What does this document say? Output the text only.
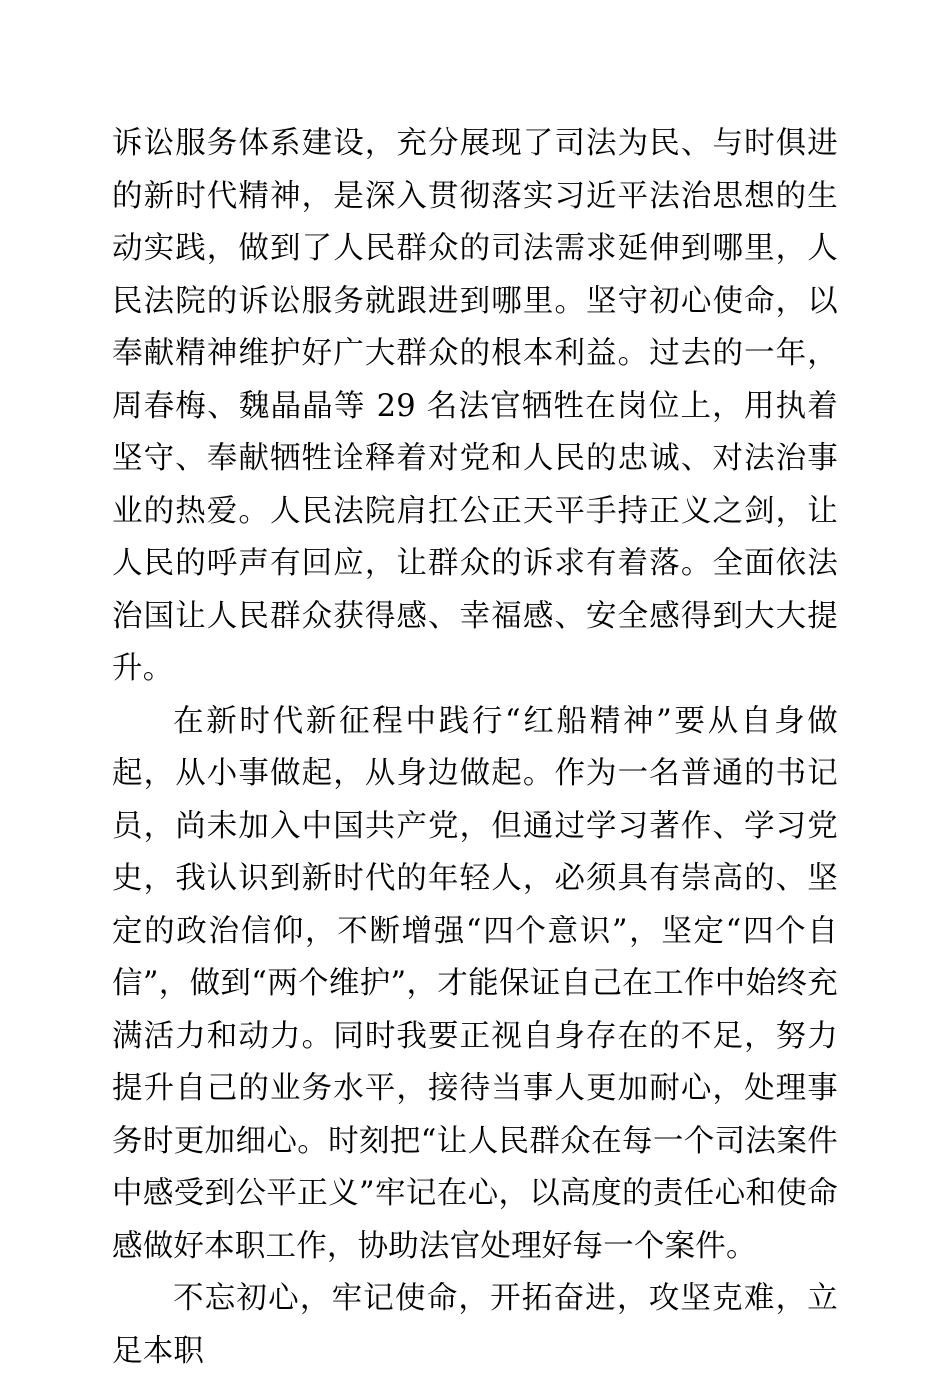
诉讼服务体系建设，充分展现了司法为民、与时俱进的新时代精神，是深入贯彻落实习近平法治思想的生动实践，做到了人民群众的司法需求延伸到哪里，人民法院的诉讼服务就跟进到哪里。坚守初心使命，以奉献精神维护好广大群众的根本利益。过去的一年，周春梅、魏晶晶等 29 名法官牺牲在岗位上，用执着坚守、奉献牺牲诠释着对党和人民的忠诚、对法治事业的热爱。人民法院肩扛公正天平手持正义之剑，让人民的呼声有回应，让群众的诉求有着落。全面依法治国让人民群众获得感、幸福感、安全感得到大大提升。

在新时代新征程中践行“红船精神”要从自身做起，从小事做起，从身边做起。作为一名普通的书记员，尚未加入中国共产党，但通过学习著作、学习党史，我认识到新时代的年轻人，必须具有崇高的、坚定的政治信仰，不断增强“四个意识”，坚定“四个自信”，做到“两个维护”，才能保证自己在工作中始终充满活力和动力。同时我要正视自身存在的不足，努力提升自己的业务水平，接待当事人更加耐心，处理事务时更加细心。时刻把“让人民群众在每一个司法案件中感受到公平正义”牢记在心，以高度的责任心和使命感做好本职工作，协助法官处理好每一个案件。

不忘初心，牢记使命，开拓奋进，攻坚克难，立足本职
